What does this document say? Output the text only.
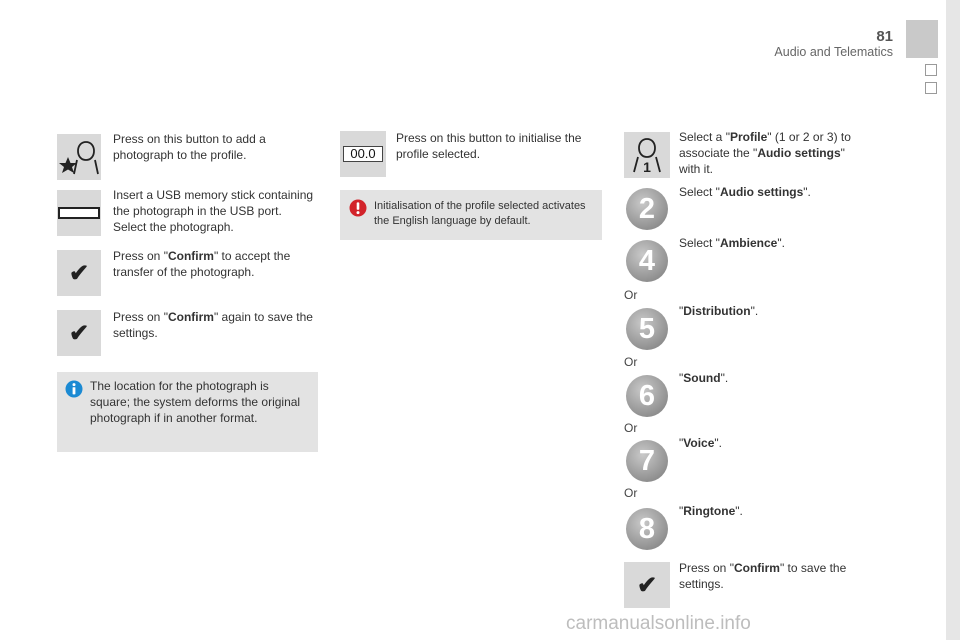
81
Audio and Telematics
Press on this button to add a photograph to the profile.
Insert a USB memory stick containing the photograph in the USB port. Select the photograph.
✔
Press on "Confirm" to accept the transfer of the photograph.
✔
Press on "Confirm" again to save the settings.
The location for the photograph is square; the system deforms the original photograph if in another format.
00.0
Press on this button to initialise the profile selected.
Initialisation of the profile selected activates the English language by default.
1
Select a "Profile" (1 or 2 or 3) to associate the "Audio settings" with it.
2
Select "Audio settings".
4
Select "Ambience".
Or
5
"Distribution".
Or
6
"Sound".
Or
7
"Voice".
Or
8
"Ringtone".
✔
Press on "Confirm" to save the settings.
carmanualsonline.info
